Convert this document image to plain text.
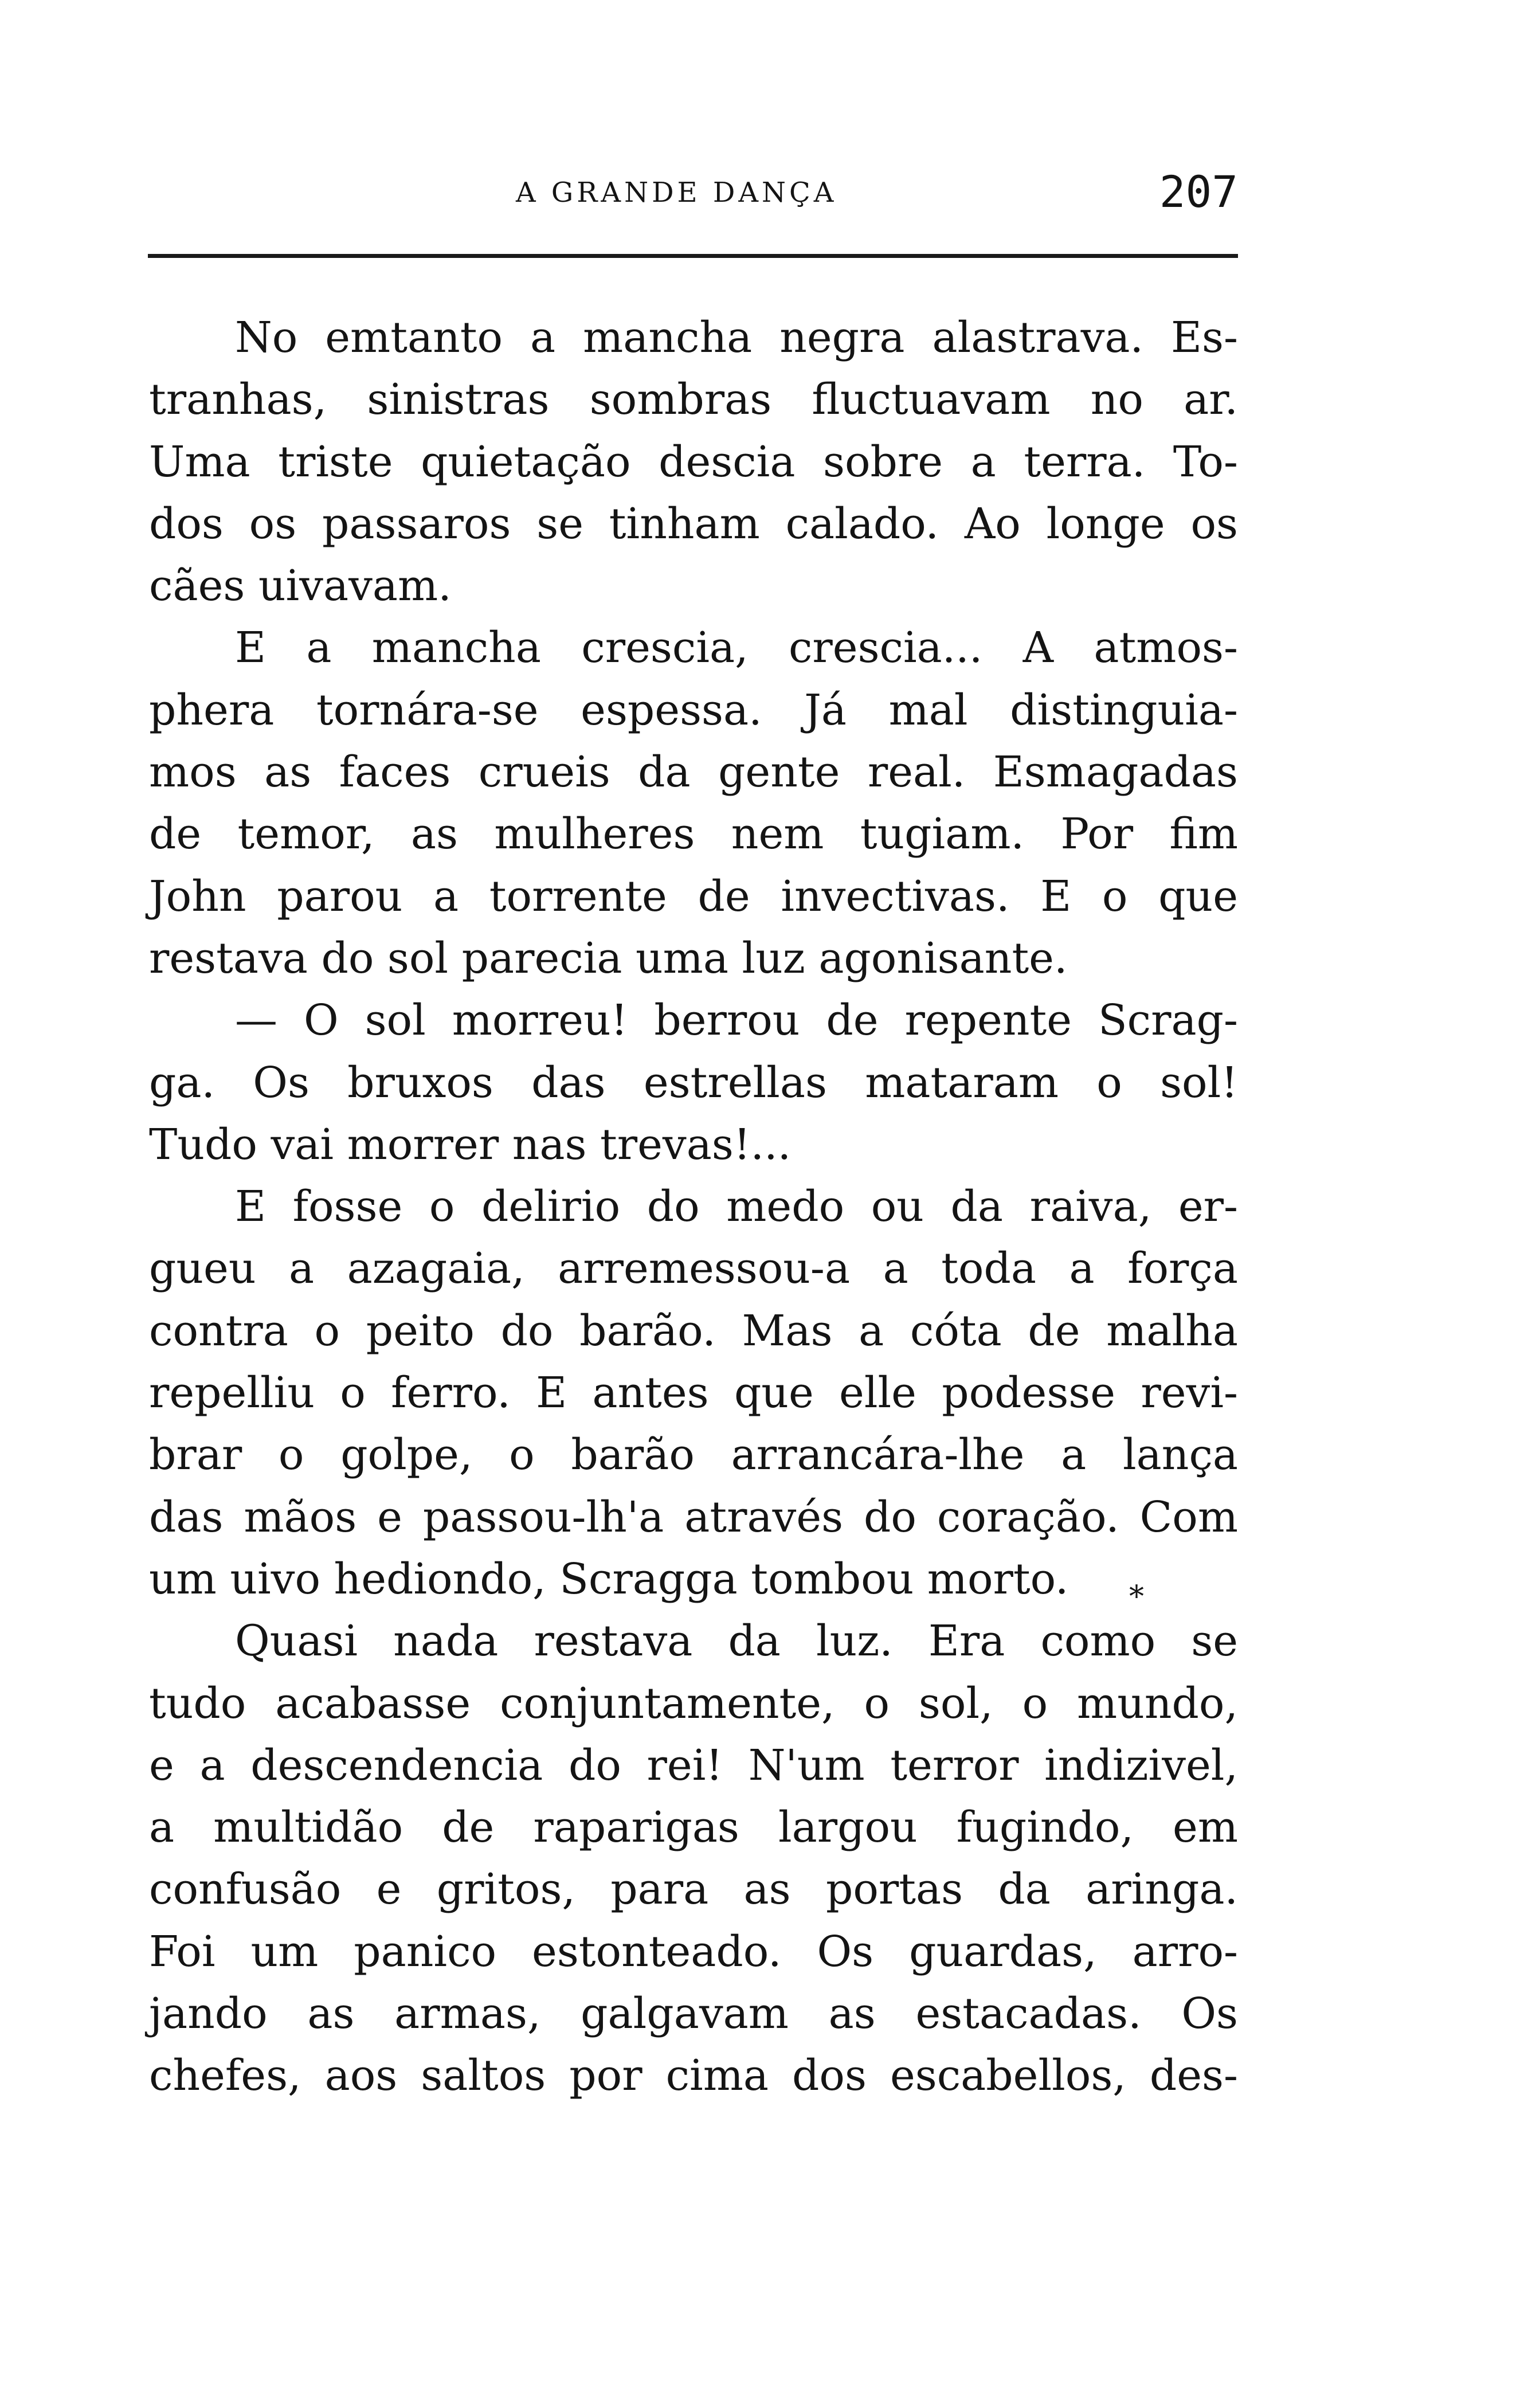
A GRANDE DANÇA	207
No emtanto a mancha negra alastrava. Es-
tranhas, sinistras sombras fluctuavam no ar.
Uma triste quietação descia sobre a terra. To-
dos os passaros se tinham calado. Ao longe os
cães uivavam.
E a mancha crescia, crescia... A atmos-
phera tornára-se espessa. Já mal distinguia-
mos as faces crueis da gente real. Esmagadas
de temor, as mulheres nem tugiam. Por fim
John parou a torrente de invectivas. E o que
restava do sol parecia uma luz agonisante.
— O sol morreu! berrou de repente Scrag-
ga. Os bruxos das estrellas mataram o sol!
Tudo vai morrer nas trevas!...
E fosse o delirio do medo ou da raiva, er-
gueu a azagaia, arremessou-a a toda a força
contra o peito do barão. Mas a cóta de malha
repelliu o ferro. E antes que elle podesse revi-
brar o golpe, o barão arrancára-lhe a lança
das mãos e passou-lh'a através do coração. Com
um uivo hediondo, Scragga tombou morto.
Quasi nada restava da luz. Era como se
tudo acabasse conjuntamente, o sol, o mundo,
e a descendencia do rei! N'um terror indizivel,
a multidão de raparigas largou fugindo, em
confusão e gritos, para as portas da aringa.
Foi um panico estonteado. Os guardas, arro-
jando as armas, galgavam as estacadas. Os
chefes, aos saltos por cima dos escabellos, des-
*
